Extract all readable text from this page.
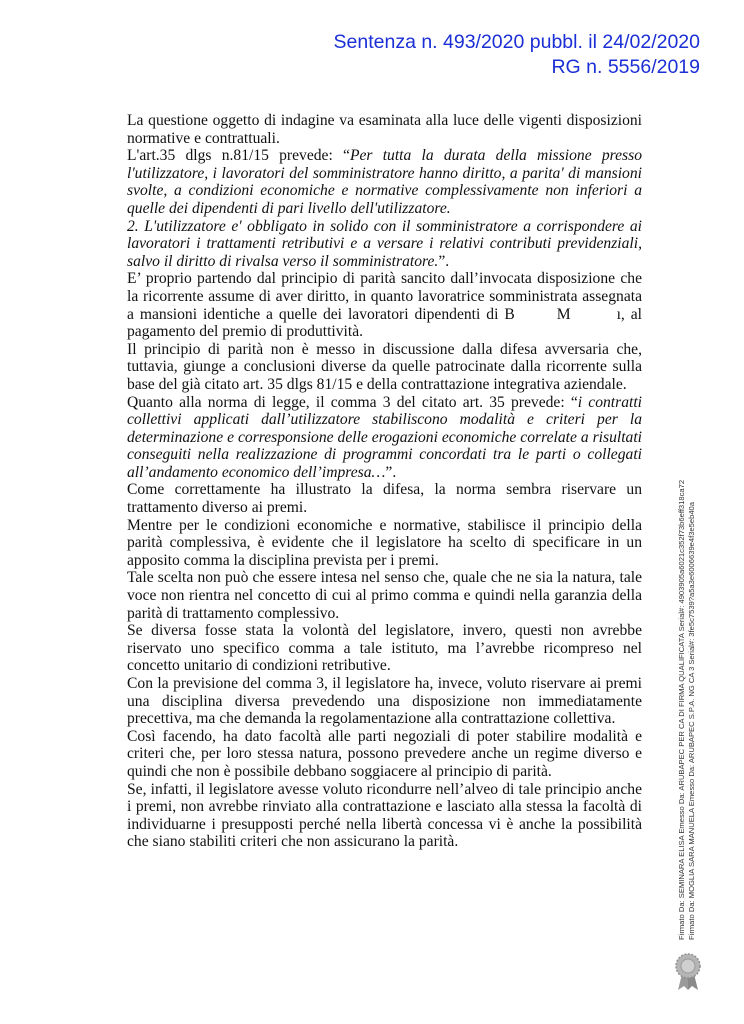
Sentenza n. 493/2020 pubbl. il 24/02/2020
RG n. 5556/2019

La questione oggetto di indagine va esaminata alla luce delle vigenti disposizioni normative e contrattuali.

L'art.35 dlgs n.81/15 prevede: “Per tutta la durata della missione presso l'utilizzatore, i lavoratori del somministratore hanno diritto, a parita' di mansioni svolte, a condizioni economiche e normative complessivamente non inferiori a quelle dei dipendenti di pari livello dell'utilizzatore.

2. L'utilizzatore e' obbligato in solido con il somministratore a corrispondere ai lavoratori i trattamenti retributivi e a versare i relativi contributi previdenziali, salvo il diritto di rivalsa verso il somministratore.”.

E’ proprio partendo dal principio di parità sancito dall’invocata disposizione che la ricorrente assume di aver diritto, in quanto lavoratrice somministrata assegnata a mansioni identiche a quelle dei lavoratori dipendenti di B	M	ı, al pagamento del premio di produttività.

Il principio di parità non è messo in discussione dalla difesa avversaria che, tuttavia, giunge a conclusioni diverse da quelle patrocinate dalla ricorrente sulla base del già citato art. 35 dlgs 81/15 e della contrattazione integrativa aziendale.

Quanto alla norma di legge, il comma 3 del citato art. 35 prevede: “i contratti collettivi applicati dall’utilizzatore stabiliscono modalità e criteri per la determinazione e corresponsione delle erogazioni economiche correlate a risultati conseguiti nella realizzazione di programmi concordati tra le parti o collegati all’andamento economico dell’impresa…”.

Come correttamente ha illustrato la difesa, la norma sembra riservare un trattamento diverso ai premi.

Mentre per le condizioni economiche e normative, stabilisce il principio della parità complessiva, è evidente che il legislatore ha scelto di specificare in un apposito comma la disciplina prevista per i premi.

Tale scelta non può che essere intesa nel senso che, quale che ne sia la natura, tale voce non rientra nel concetto di cui al primo comma e quindi nella garanzia della parità di trattamento complessivo.

Se diversa fosse stata la volontà del legislatore, invero, questi non avrebbe riservato uno specifico comma a tale istituto, ma l’avrebbe ricompreso nel concetto unitario di condizioni retributive.

Con la previsione del comma 3, il legislatore ha, invece, voluto riservare ai premi una disciplina diversa prevedendo una disposizione non immediatamente precettiva, ma che demanda la regolamentazione alla contrattazione collettiva.

Così facendo, ha dato facoltà alle parti negoziali di poter stabilire modalità e criteri che, per loro stessa natura, possono prevedere anche un regime diverso e quindi che non è possibile debbano soggiacere al principio di parità.

Se, infatti, il legislatore avesse voluto ricondurre nell’alveo di tale principio anche i premi, non avrebbe rinviato alla contrattazione e lasciato alla stessa la facoltà di individuarne i presupposti perché nella libertà concessa vi è anche la possibilità che siano stabiliti criteri che non assicurano la parità.	Firmato Da: SEMINARA ELISA Emesso Da: ARUBAPEC PER CA DI FIRMA QUALIFICATA Serial#: 4903905a6021c352f73b6eff318ca72 Firmato Da: MOGLIA SARA MANUELA Emesso Da: ARUBAPEC S.P.A. NG CA 3 Serial#: 3fe5c7539?a5a3e6006639e4f3e5eb40a
